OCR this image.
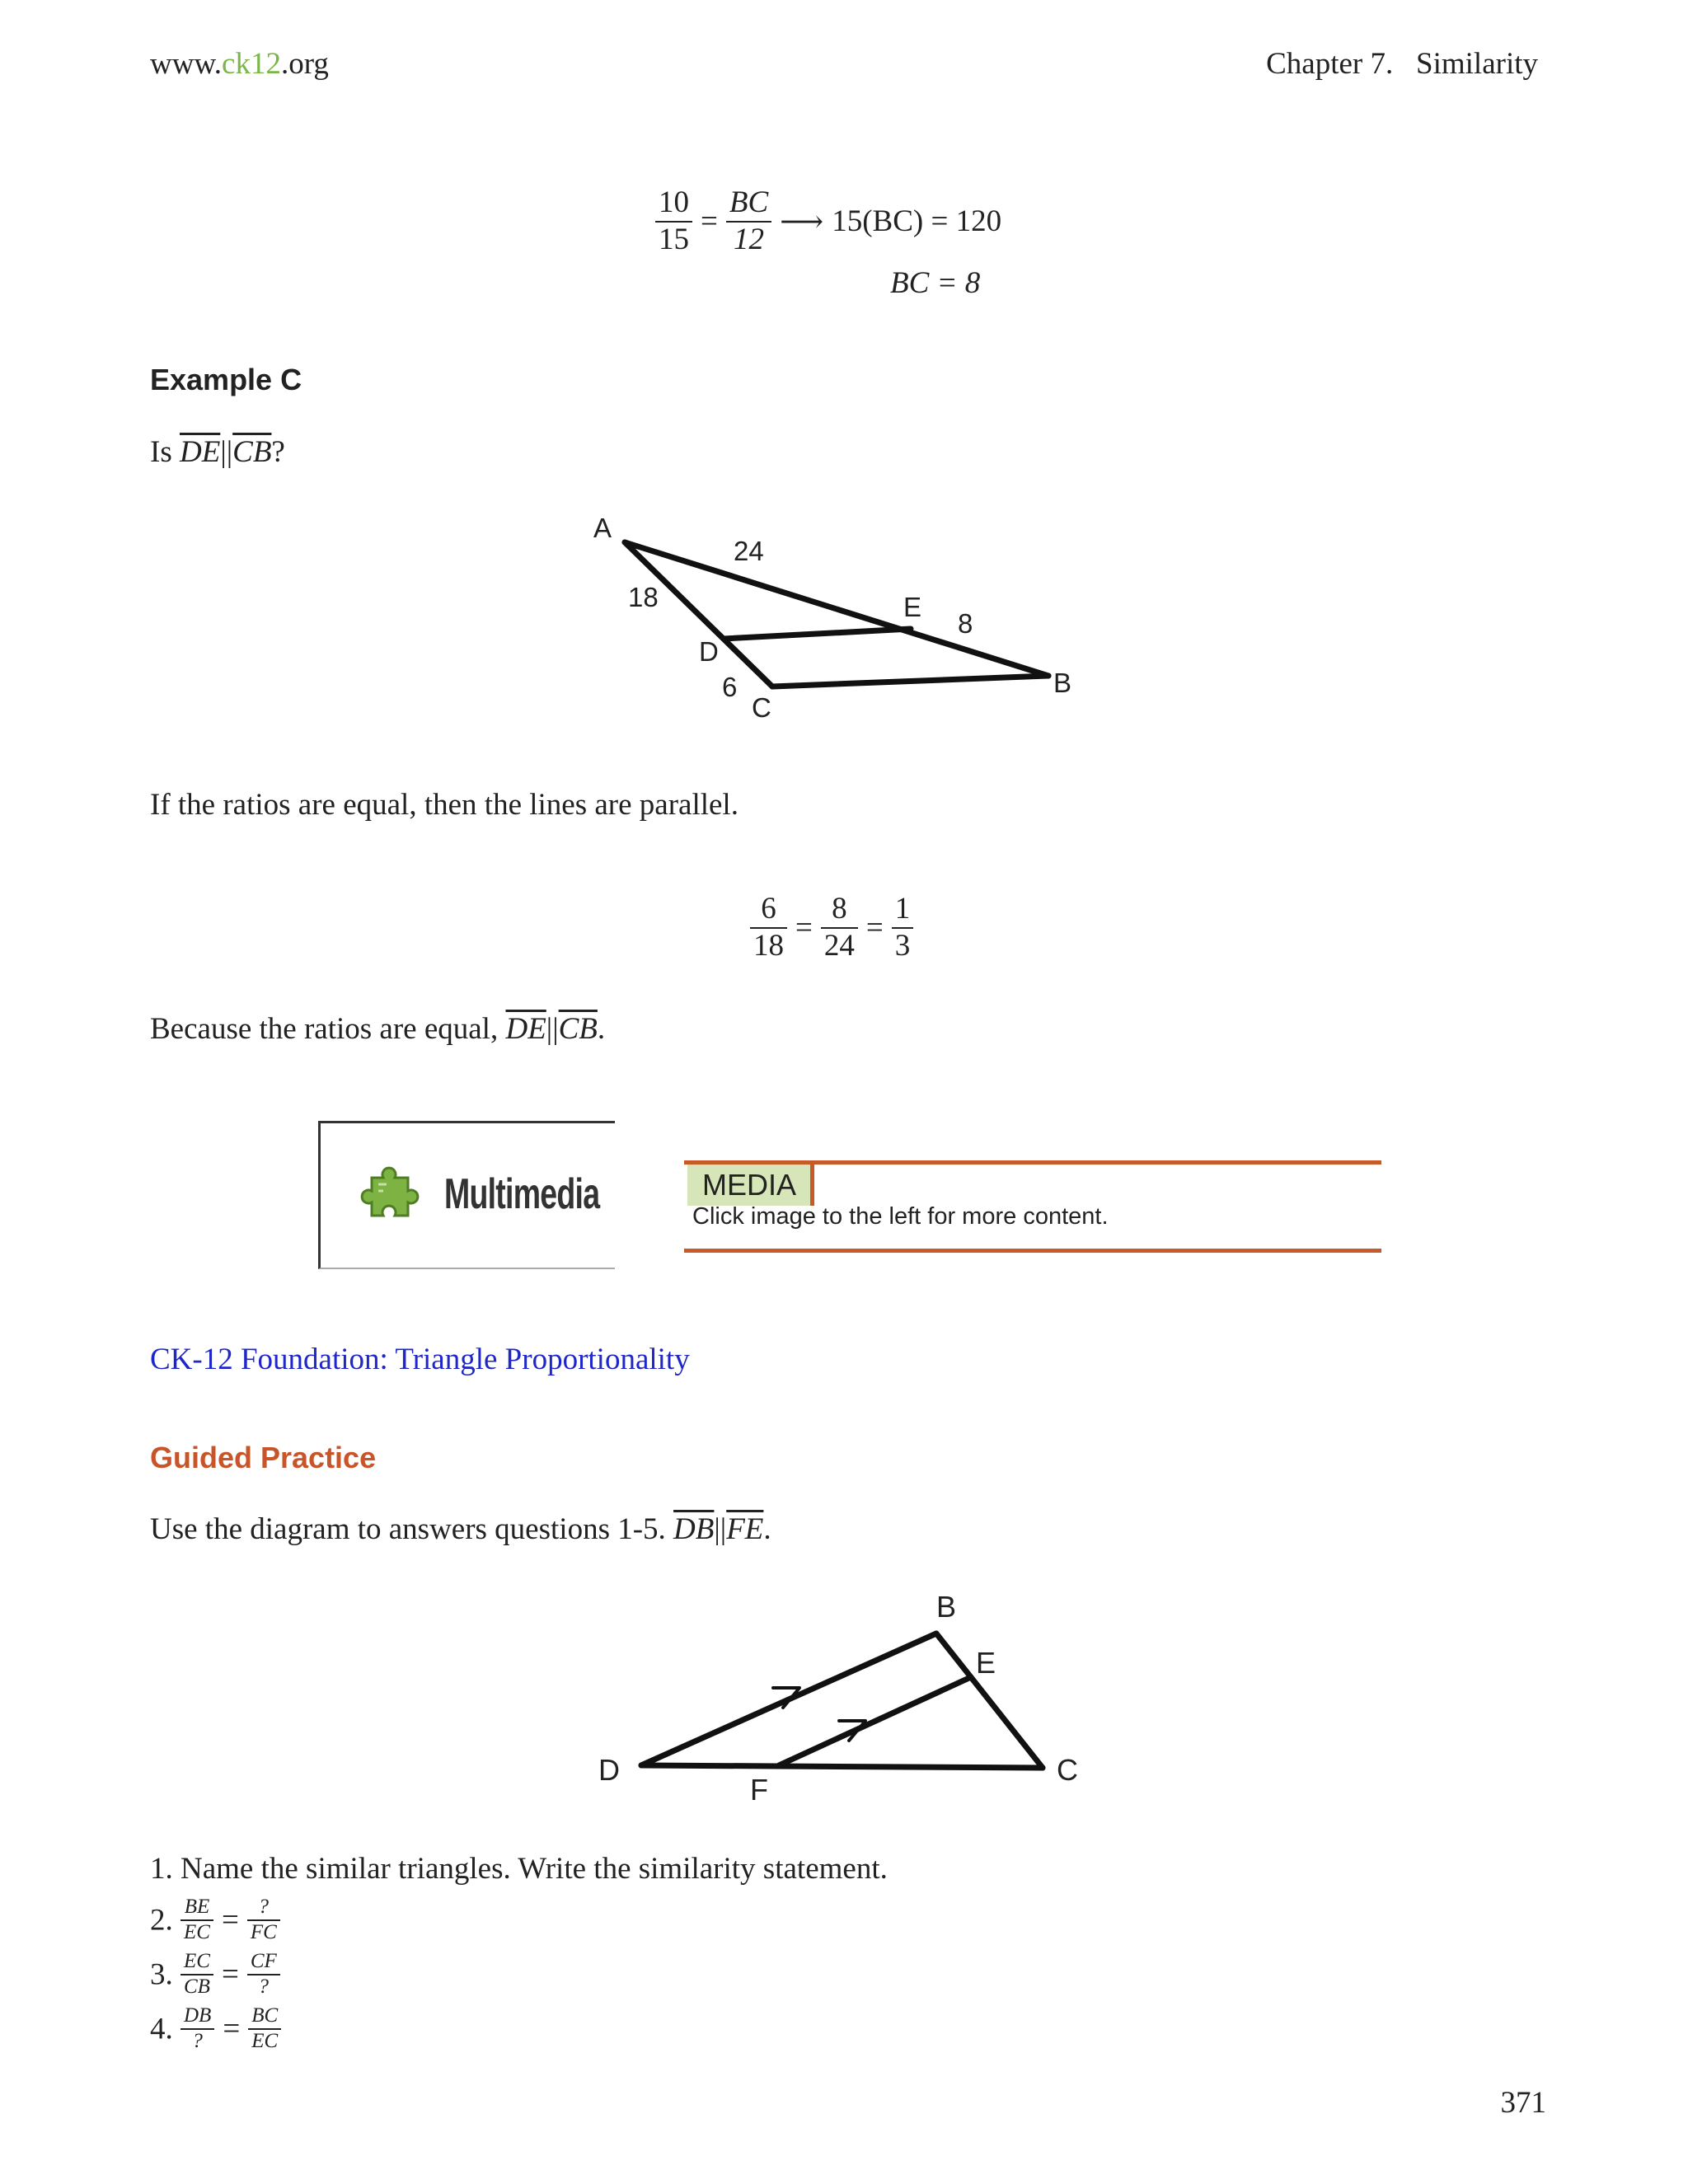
www.ck12.org	Chapter 7.   Similarity
$\frac{10}{15} = \frac{BC}{12}$ ⟶ 15(BC) = 120
BC = 8
Example C
Is $\overline{DE}||\overline{CB}$?
A
B
C
D
E
24
18
6
8
If the ratios are equal, then the lines are parallel.
$\frac{6}{18} = \frac{8}{24} = \frac{1}{3}$
Because the ratios are equal, $\overline{DE}||\overline{CB}$.
Multimedia	MEDIA
Click image to the left for more content.
CK-12 Foundation: Triangle Proportionality
Guided Practice
Use the diagram to answers questions 1-5. $\overline{DB}||\overline{FE}$.
B
E
D
F
C
1. Name the similar triangles. Write the similarity statement.
2. $\frac{BE}{EC} = \frac{?}{FC}$
3. $\frac{EC}{CB} = \frac{CF}{?}$
4. $\frac{DB}{?} = \frac{BC}{EC}$
371
